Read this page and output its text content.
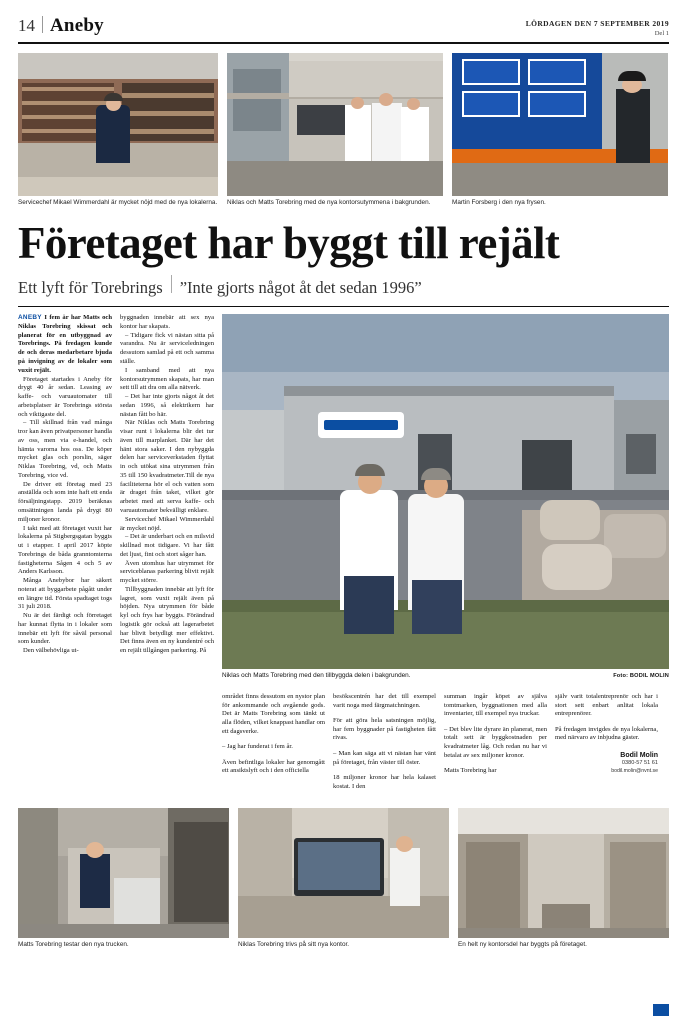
14 Aneby	LÖRDAGEN DEN 7 SEPTEMBER 2019
Del 1
Servicechef Mikael Wimmerdahl är mycket nöjd med de nya lokalerna. Niklas och Matts Torebring med de nya kontorsutymmena i bakgrunden.	Martin Forsberg i den nya frysen.
Företaget har byggt till rejält
Ett lyft för Torebrings ”Inte gjorts något åt det sedan 1996”

ANEBY I fem år har Matts och Niklas Torebring skissat och planerat för en utbyggnad av Torebrings. På fredagen kunde de och deras medarbetare bjuda på invigning av de lokaler som vuxit rejält.

Företaget startades i Aneby för drygt 40 år sedan. Leasing av kaffe- och varuautomater till arbetsplatser är Torebrings största och viktigaste del.

– Till skillnad från vad många tror kan även privatpersoner handla av oss, men via e-handel, och hämta varorna hos oss. De köper mycket glas och porslin, säger Niklas Torebring, vd, och Matts Torebring, vice vd.

De driver ett företag med 23 anställda och som inte haft ett enda försäljningstapp. 2019 beräknas omsättningen landa på drygt 80 miljoner kronor.

I takt med att företaget vuxit har lokalerna på Stigbergsgatan byggts ut i etapper. I april 2017 köpte Torebrings de båda granntomterna fastigheterna Sågen 4 och 5 av Anders Karlsson.

Många Anebybor har säkert noterat att byggarbete pågått under en längre tid. Första spadtaget togs 31 juli 2018.

Nu är det färdigt och förretaget har kunnat flytta in i lokaler som innebär ett lyft för såväl personal som kunder.

Den välbehövliga ut-

byggnaden innebär att sex nya kontor har skapats.

– Tidigare fick vi nästan sitta på varandra. Nu är serviceledningen dessutom samlad på ett och samma ställe.

I samband med att nya kontorsutrymmen skapats, har man sett till att dra om alla nätverk.

– Det har inte gjorts något åt det sedan 1996, så elektrikern har nästan fått bo här.

När Niklas och Matts Torebring visar runt i lokalerna blir det tur även till marplanket. Där har det hänt stora saker. I den nybyggda delen har serviceverkstaden flyttat in och utökat sina utrymmen från 35 till 150 kvadratmeter.Till de nya faciliteterna hör el och vatten som är draget från taket, vilket gör arbetet med att serva kaffe- och varuautomater bekvälligt enklare.

Servicechef Mikael Wimmerdahl är mycket nöjd.

– Det är underbart och en milsvid skillnad mot tidigare. Vi har fått det ljust, fint och stort såger han.

Även utomhus har utrymmet för serviceblanas parkering blivit rejält mycket större.

Tillbyggnaden innebär att lyft för lagret, som vuxit rejält även på höjden. Nya utrymmen för både kyl och frys har byggts. Förändrad logistik gör också att lagerarbetet har blivit betydligt mer effektivt. Det finns även en ny kundentré och en rejält tillgången parkering. På

Niklas och Matts Torebring med den tillbyggda delen i bakgrunden.	Foto: BODIL MOLIN

området finns dessutom en nystor plan för ankommande och avgående gods. Det är Matts Torebring som tänkt ut alla flöden, vilket knappast handlar om ett dagsverke.

– Jag har funderat i fem år.

Även befintliga lokaler har genomgått ett ansiktslyft och i den officiella

besökscentrén har det till exempel varit noga med färgmatchningen.

För att göra hela satsningen möjlig, har fem byggnader på fastigheten fått rivas.

– Man kan säga att vi nästan har vänt på företaget, från väster till öster.

18 miljoner kronor har hela kalaset kostat. I den

summan ingår köpet av själva tomtmarken, byggnationen med alla inventarier, till exempel nya truckar.

– Det blev lite dyrare än planerat, men totalt sett är byggkostnaden per kvadratmeter låg. Och redan nu har vi betalat av sex miljoner kronor.

Matts Torebring har

själv varit totalentreprenör och har i stort sett enbart anlitat lokala entreprenörer.

På fredagen invigdes de nya lokalerna, med närvaro av inbjudna gäster.

Bodil Molin
0380-57 51 61
bodil.molin@nvnt.se
Matts Torebring testar den nya trucken.	Niklas Torebring trivs på sitt nya kontor.	En helt ny kontorsdel har byggts på företaget.
